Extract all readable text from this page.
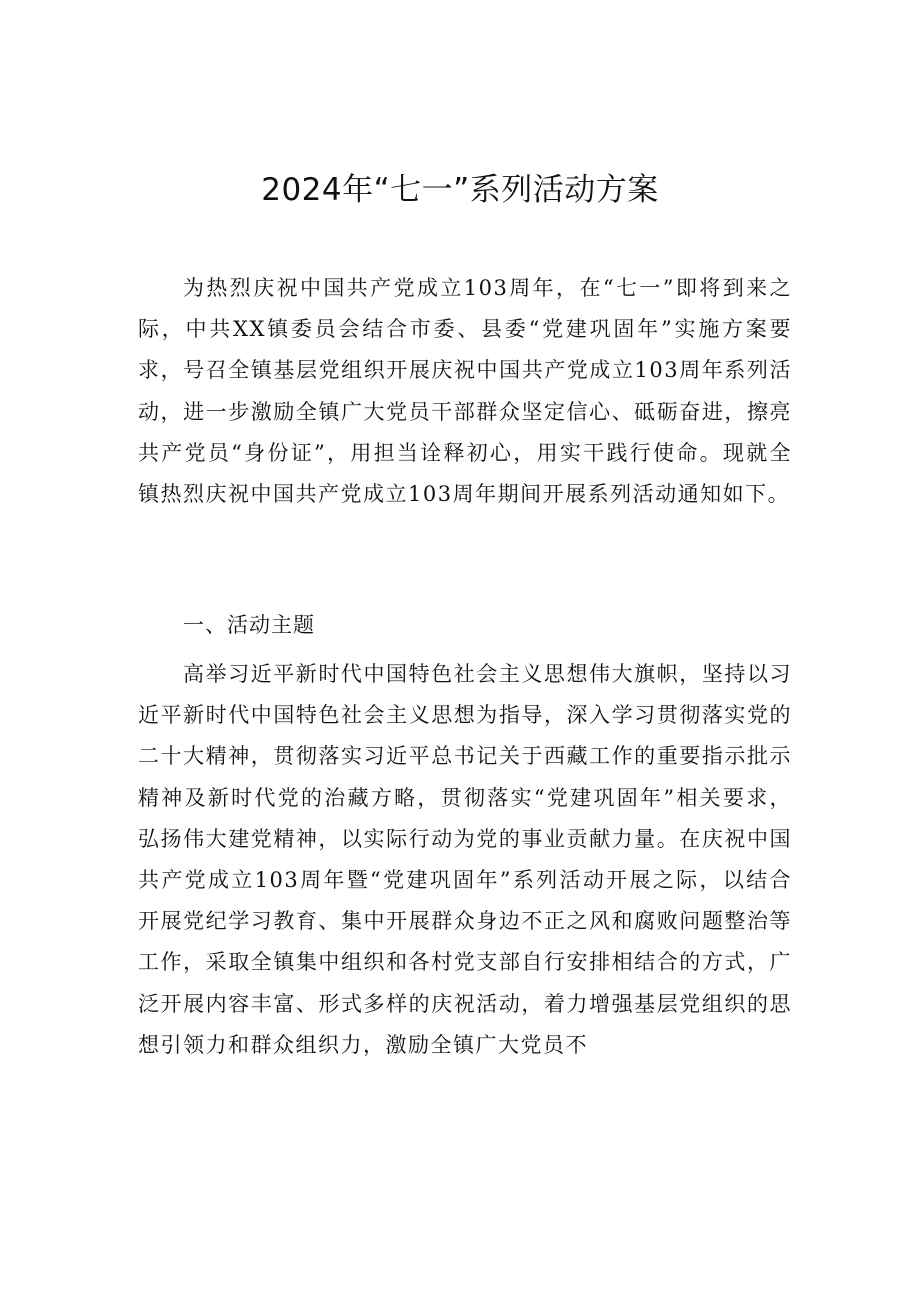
2024年“七一”系列活动方案

为热烈庆祝中国共产党成立103周年，在“七一”即将到来之际，中共XX镇委员会结合市委、县委“党建巩固年”实施方案要求，号召全镇基层党组织开展庆祝中国共产党成立103周年系列活动，进一步激励全镇广大党员干部群众坚定信心、砥砺奋进，擦亮共产党员“身份证”，用担当诠释初心，用实干践行使命。现就全镇热烈庆祝中国共产党成立103周年期间开展系列活动通知如下。

一、活动主题

高举习近平新时代中国特色社会主义思想伟大旗帜，坚持以习近平新时代中国特色社会主义思想为指导，深入学习贯彻落实党的二十大精神，贯彻落实习近平总书记关于西藏工作的重要指示批示精神及新时代党的治藏方略，贯彻落实“党建巩固年”相关要求，弘扬伟大建党精神，以实际行动为党的事业贡献力量。在庆祝中国共产党成立103周年暨“党建巩固年”系列活动开展之际，以结合开展党纪学习教育、集中开展群众身边不正之风和腐败问题整治等工作，采取全镇集中组织和各村党支部自行安排相结合的方式，广泛开展内容丰富、形式多样的庆祝活动，着力增强基层党组织的思想引领力和群众组织力，激励全镇广大党员不
